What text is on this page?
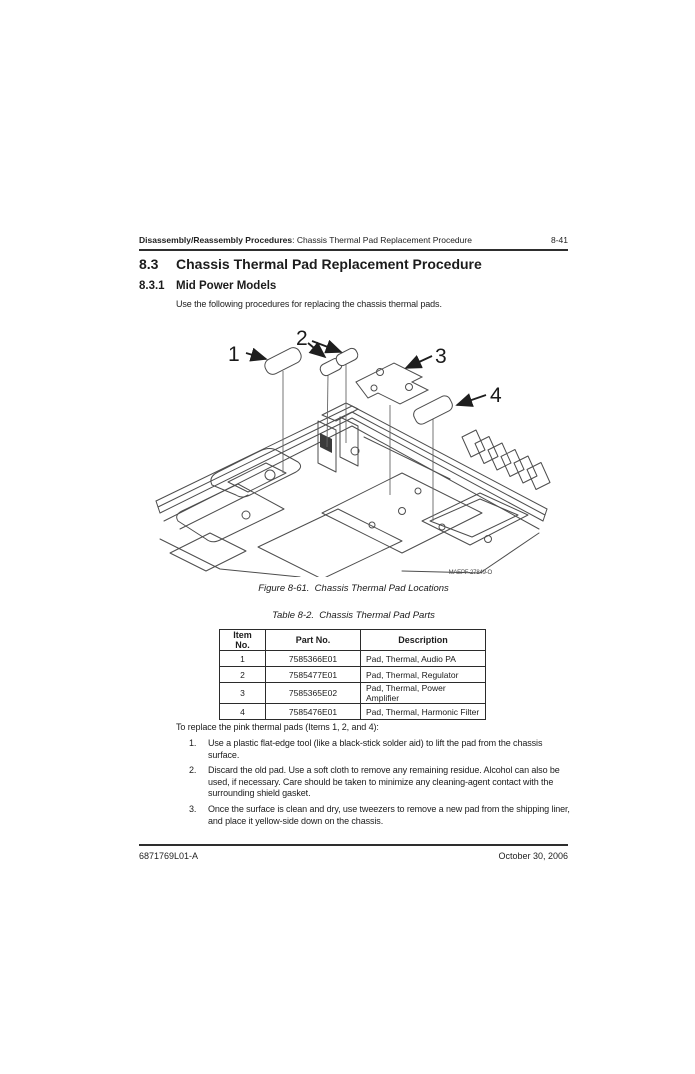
Disassembly/Reassembly Procedures: Chassis Thermal Pad Replacement Procedure	8-41
8.3	Chassis Thermal Pad Replacement Procedure
8.3.1 Mid Power Models
Use the following procedures for replacing the chassis thermal pads.
1
2
3
4
MAEPF-27849-O
Figure 8-61.  Chassis Thermal Pad Locations
Table 8-2.  Chassis Thermal Pad Parts
Item No.	Part No.	Description
1	7585366E01	Pad, Thermal, Audio PA
2	7585477E01	Pad, Thermal, Regulator
3	7585365E02	Pad, Thermal, Power Amplifier
4	7585476E01	Pad, Thermal, Harmonic Filter
To replace the pink thermal pads (Items 1, 2, and 4):
1.	Use a plastic flat-edge tool (like a black-stick solder aid) to lift the pad from the chassis
surface.
2.	Discard the old pad. Use a soft cloth to remove any remaining residue. Alcohol can also be
used, if necessary. Care should be taken to minimize any cleaning-agent contact with the
surrounding shield gasket.
3.	Once the surface is clean and dry, use tweezers to remove a new pad from the shipping liner,
and place it yellow-side down on the chassis.
6871769L01-A	October 30, 2006
